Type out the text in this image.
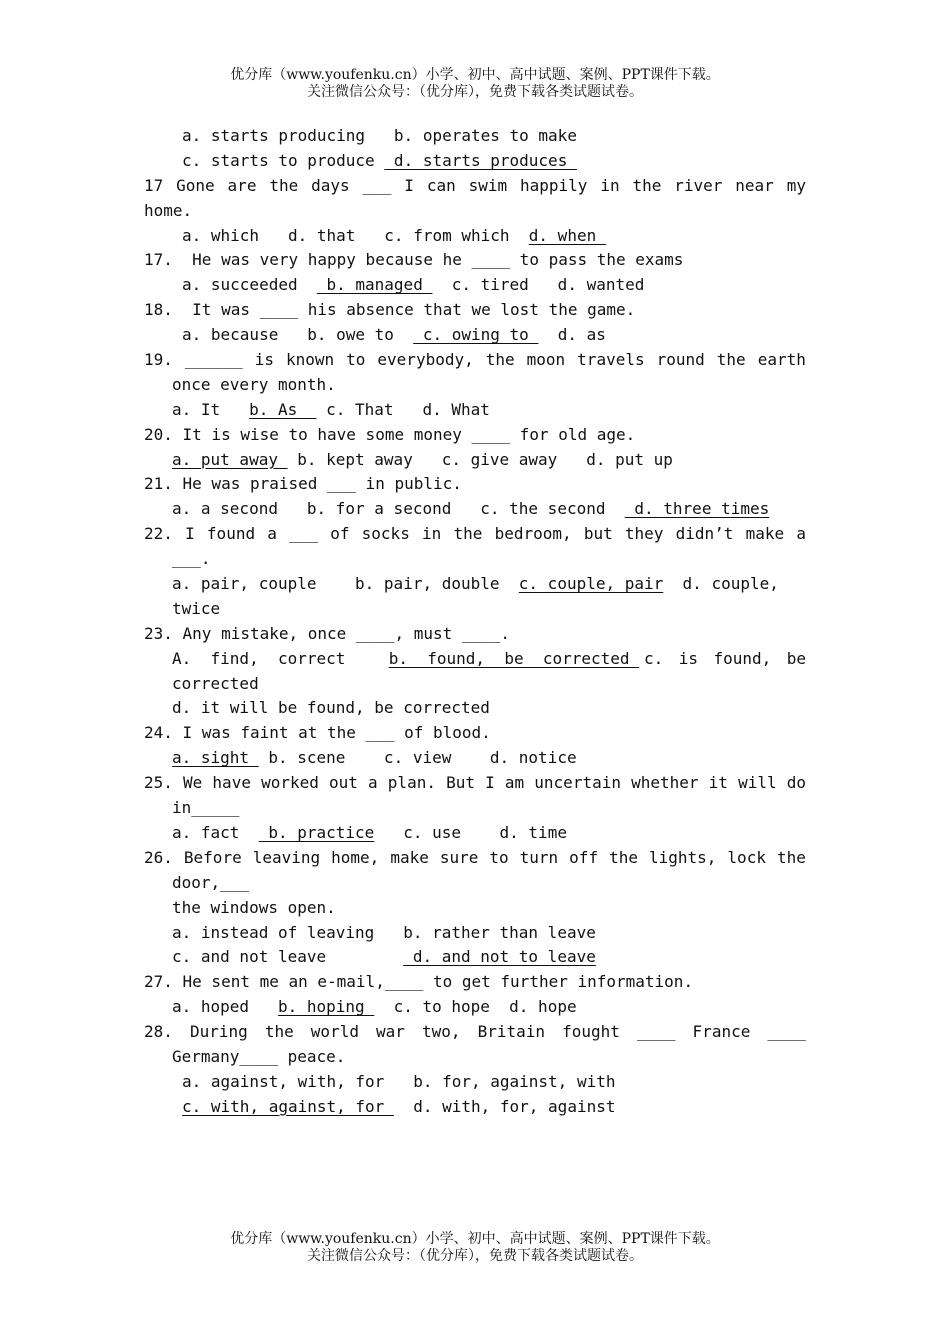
优分库（www.youfenku.cn）小学、初中、高中试题、案例、PPT课件下载。
关注微信公众号：（优分库），免费下载各类试题试卷。
a. starts producing   b. operates to make
c. starts to produce  d. starts produces
17 Gone are the days ___ I can swim happily in the river near my
home.
a. which   d. that   c. from which  d. when
17.  He was very happy because he ____ to pass the exams
a. succeeded   b. managed   c. tired   d. wanted
18.  It was ____ his absence that we lost the game.
a. because   b. owe to   c. owing to   d. as
19. ______ is known to everybody, the moon travels round the earth
once every month.
a. It   b. As   c. That   d. What
20. It is wise to have some money ____ for old age.
a. put away  b. kept away   c. give away   d. put up
21. He was praised ___ in public.
a. a second   b. for a second   c. the second   d. three times
22. I found a ___ of socks in the bedroom, but they didn’t make a
___.
a. pair, couple    b. pair, double  c. couple, pair  d. couple,
twice
23. Any mistake, once ____, must ____.
A.  find,  correct b.  found,  be  corrected c. is found, be
corrected
d. it will be found, be corrected
24. I was faint at the ___ of blood.
a. sight  b. scene    c. view    d. notice
25. We have worked out a plan. But I am uncertain whether it will do
in_____
a. fact   b. practice   c. use    d. time
26. Before leaving home, make sure to turn off the lights, lock the
door,___
the windows open.
a. instead of leaving   b. rather than leave
c. and not leave         d. and not to leave
27. He sent me an e-mail,____ to get further information.
a. hoped   b. hoping   c. to hope  d. hope
28. During the world war two, Britain fought ____ France ____
Germany____ peace.
a. against, with, for   b. for, against, with
c. with, against, for   d. with, for, against
优分库（www.youfenku.cn）小学、初中、高中试题、案例、PPT课件下载。
关注微信公众号：（优分库），免费下载各类试题试卷。
